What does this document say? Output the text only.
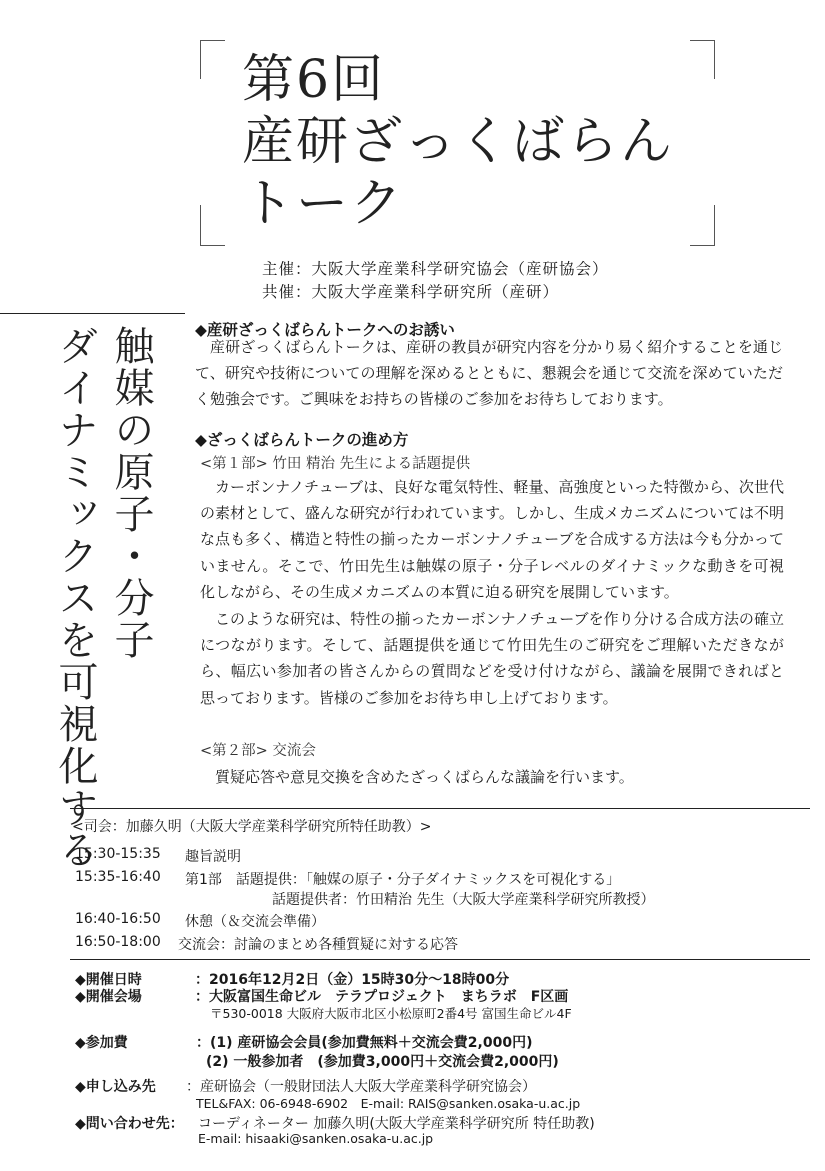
第6回
産研ざっくばらん
トーク
主催：大阪大学産業科学研究協会（産研協会）
共催：大阪大学産業科学研究所（産研）
触媒の原子・分子
ダイナミックスを可視化する	◆産研ざっくばらんトークへのお誘い
産研ざっくばらんトークは、産研の教員が研究内容を分かり易く紹介することを通じて、研究や技術についての理解を深めるとともに、懇親会を通じて交流を深めていただく勉強会です。ご興味をお持ちの皆様のご参加をお待ちしております。
◆ざっくばらんトークの進め方
<第１部> 竹田 精治 先生による話題提供
カーボンナノチューブは、良好な電気特性、軽量、高強度といった特徴から、次世代の素材として、盛んな研究が行われています。しかし、生成メカニズムについては不明な点も多く、構造と特性の揃ったカーボンナノチューブを合成する方法は今も分かっていません。そこで、竹田先生は触媒の原子・分子レベルのダイナミックな動きを可視化しながら、その生成メカニズムの本質に迫る研究を展開しています。
このような研究は、特性の揃ったカーボンナノチューブを作り分ける合成方法の確立につながります。そして、話題提供を通じて竹田先生のご研究をご理解いただきながら、幅広い参加者の皆さんからの質問などを受け付けながら、議論を展開できればと思っております。皆様のご参加をお待ち申し上げております。
<第２部> 交流会
質疑応答や意見交換を含めたざっくばらんな議論を行います。
<司会：加藤久明（大阪大学産業科学研究所特任助教）>
15:30-15:35 趣旨説明
15:35-16:40 第1部　話題提供：「触媒の原子・分子ダイナミックスを可視化する」
話題提供者：竹田精治 先生（大阪大学産業科学研究所教授）
16:40-16:50 休憩（＆交流会準備）
16:50-18:00 交流会：討論のまとめ各種質疑に対する応答
◆開催日時	：2016年12月2日（金）15時30分～18時00分
◆開催会場	：大阪富国生命ビル　テラプロジェクト　まちラボ　F区画
〒530-0018 大阪府大阪市北区小松原町2番4号 富国生命ビル4F
◆参加費	：(1) 産研協会会員(参加費無料＋交流会費2,000円)
(2) 一般参加者　(参加費3,000円＋交流会費2,000円)
◆申し込み先 ：産研協会（一般財団法人大阪大学産業科学研究協会）
TEL&FAX: 06-6948-6902　E-mail: RAIS@sanken.osaka-u.ac.jp
◆問い合わせ先： コーディネーター 加藤久明(大阪大学産業科学研究所 特任助教)
E-mail: hisaaki@sanken.osaka-u.ac.jp
